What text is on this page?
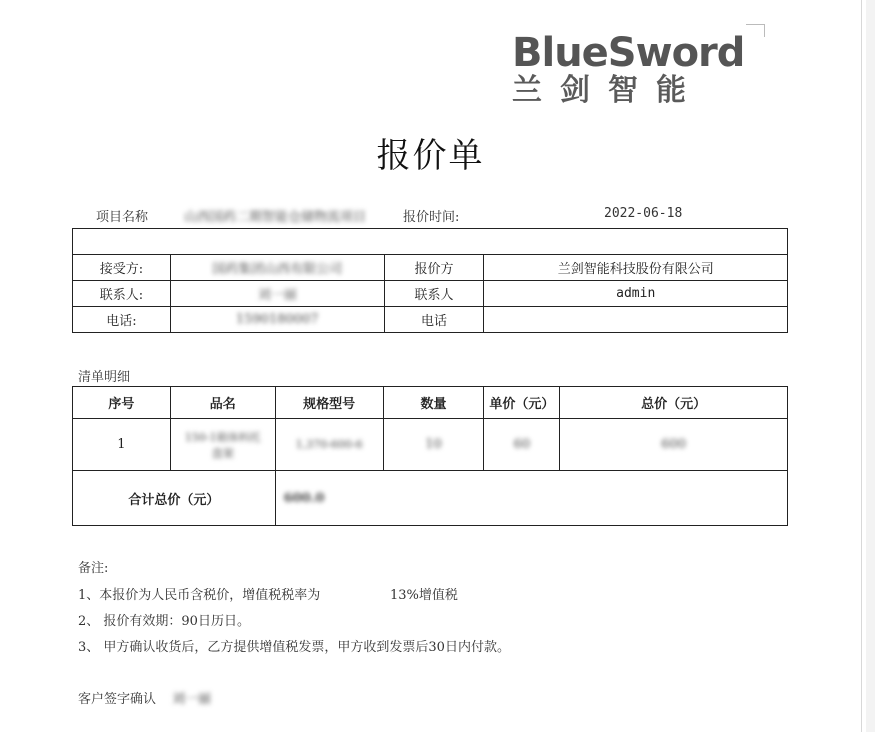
BlueSword
兰剑智能
报价单
项目名称	山西国药二期智能仓储物流项目	报价时间:	2022-06-18

接受方:	国药集团山西有限公司	报价方	兰剑智能科技股份有限公司
联系人:	刘一丽	联系人	admin
电话:	1590180007	电话	
清单明细
序号	品名	规格型号	数量	单价（元）	总价（元）
1	150-1箱体料托盘架	1,370-600-6	10	60	600
合计总价（元）		600.0			
备注:
1、本报价为人民币含税价，增值税税率为	13%增值税
2、 报价有效期：90日历日。
3、 甲方确认收货后，乙方提供增值税发票，甲方收到发票后30日内付款。
客户签字确认 刘一丽
